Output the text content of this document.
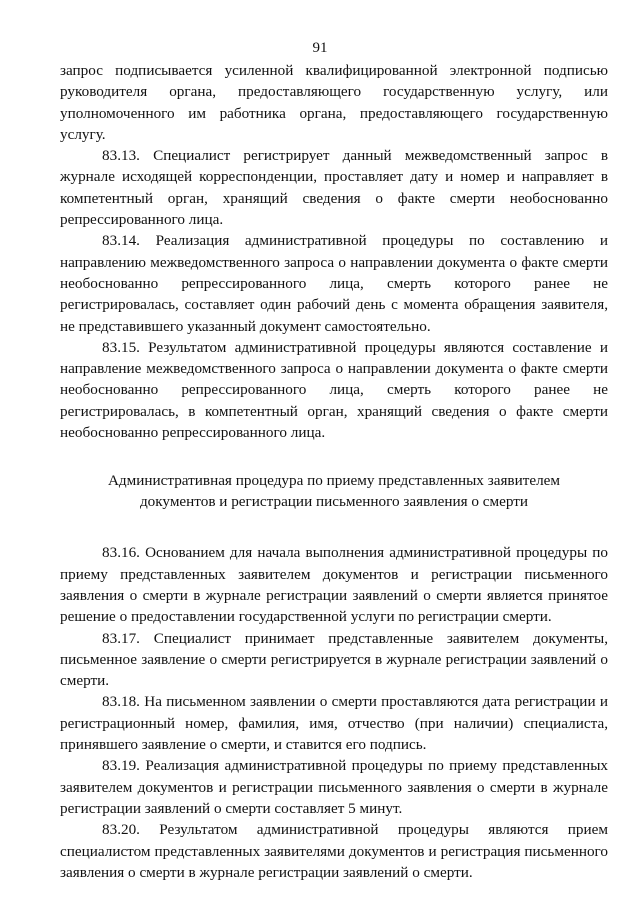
91

запрос подписывается усиленной квалифицированной электронной подписью руководителя органа, предоставляющего государственную услугу, или уполномоченного им работника органа, предоставляющего государственную услугу.

83.13. Специалист регистрирует данный межведомственный запрос в журнале исходящей корреспонденции, проставляет дату и номер и направляет в компетентный орган, хранящий сведения о факте смерти необоснованно репрессированного лица.

83.14. Реализация административной процедуры по составлению и направлению межведомственного запроса о направлении документа о факте смерти необоснованно репрессированного лица, смерть которого ранее не регистрировалась, составляет один рабочий день с момента обращения заявителя, не представившего указанный документ самостоятельно.

83.15. Результатом административной процедуры являются составление и направление межведомственного запроса о направлении документа о факте смерти необоснованно репрессированного лица, смерть которого ранее не регистрировалась, в компетентный орган, хранящий сведения о факте смерти необоснованно репрессированного лица.

Административная процедура по приему представленных заявителем
документов и регистрации письменного заявления о смерти

83.16. Основанием для начала выполнения административной процедуры по приему представленных заявителем документов и регистрации письменного заявления о смерти в журнале регистрации заявлений о смерти является принятое решение о предоставлении государственной услуги по регистрации смерти.

83.17. Специалист принимает представленные заявителем документы, письменное заявление о смерти регистрируется в журнале регистрации заявлений о смерти.

83.18. На письменном заявлении о смерти проставляются дата регистрации и регистрационный номер, фамилия, имя, отчество (при наличии) специалиста, принявшего заявление о смерти, и ставится его подпись.

83.19. Реализация административной процедуры по приему представленных заявителем документов и регистрации письменного заявления о смерти в журнале регистрации заявлений о смерти составляет 5 минут.

83.20. Результатом административной процедуры являются прием специалистом представленных заявителями документов и регистрация письменного заявления о смерти в журнале регистрации заявлений о смерти.
